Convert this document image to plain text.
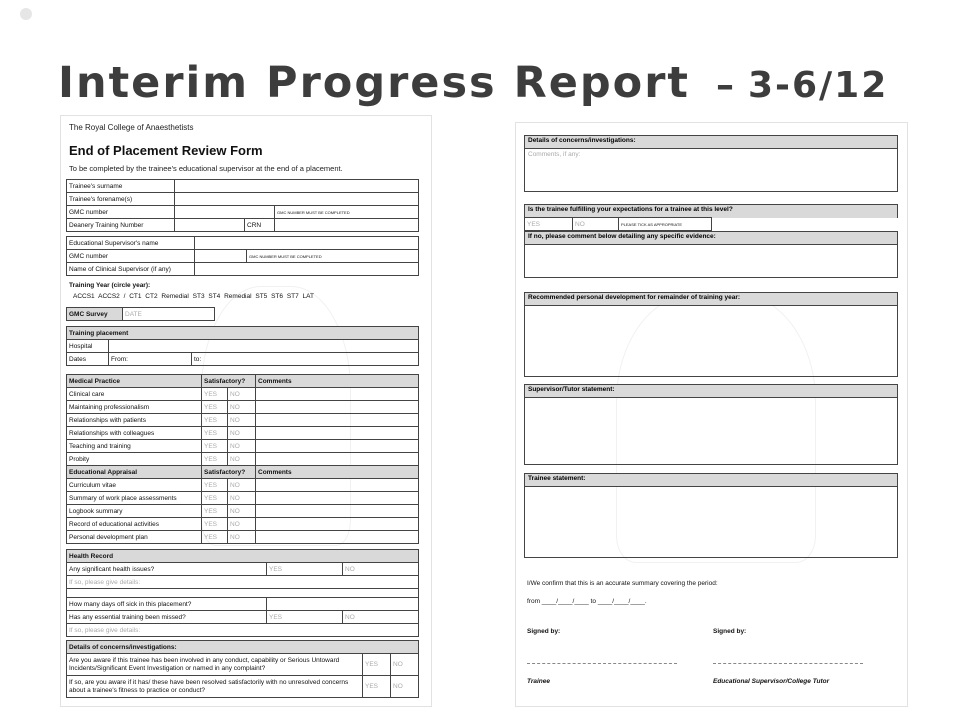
Interim Progress Report – 3-6/12
The Royal College of Anaesthetists
End of Placement Review Form
To be completed by the trainee's educational supervisor at the end of a placement.
Trainee's surname			
Trainee's forename(s)			
GMC number			GMC NUMBER MUST BE COMPLETED
Deanery Training Number		CRN	
Educational Supervisor's name		
GMC number		GMC NUMBER MUST BE COMPLETED
Name of Clinical Supervisor (if any)		
Training Year (circle year):
ACCS1 ACCS2 / CT1 CT2 Remedial ST3 ST4 Remedial ST5 ST6 ST7 LAT
GMC Survey	DATE
Training placement		
Hospital		
Dates	From:	to:
Medical Practice	Satisfactory?		Comments
Clinical care	YES	NO	
Maintaining professionalism	YES	NO	
Relationships with patients	YES	NO	
Relationships with colleagues	YES	NO	
Teaching and training	YES	NO	
Probity	YES	NO	
Educational Appraisal	Satisfactory?		Comments
Curriculum vitae	YES	NO	
Summary of work place assessments	YES	NO	
Logbook summary	YES	NO	
Record of educational activities	YES	NO	
Personal development plan	YES	NO	
Health Record		
Any significant health issues?	YES	NO
If so, please give details:		

How many days off sick in this placement?		
Has any essential training been missed?	YES	NO
If so, please give details:		
Details of concerns/investigations:		
Are you aware if this trainee has been involved in any conduct, capability or Serious Untoward Incidents/Significant Event Investigation or named in any complaint?	YES	NO
If so, are you aware if it has/ these have been resolved satisfactorily with no unresolved concerns about a trainee's fitness to practice or conduct?	YES	NO
Details of concerns/investigations:
Comments, if any:
Is the trainee fulfilling your expectations for a trainee at this level?
YES	NO	PLEASE TICK AS APPROPRIATE
If no, please comment below detailing any specific evidence:
Recommended personal development for remainder of training year:
Supervisor/Tutor statement:
Trainee statement:
I/We confirm that this is an accurate summary covering the period:
from ____/____/____ to ____/____/____.
Signed by:	Signed by:
Trainee	Educational Supervisor/College Tutor
